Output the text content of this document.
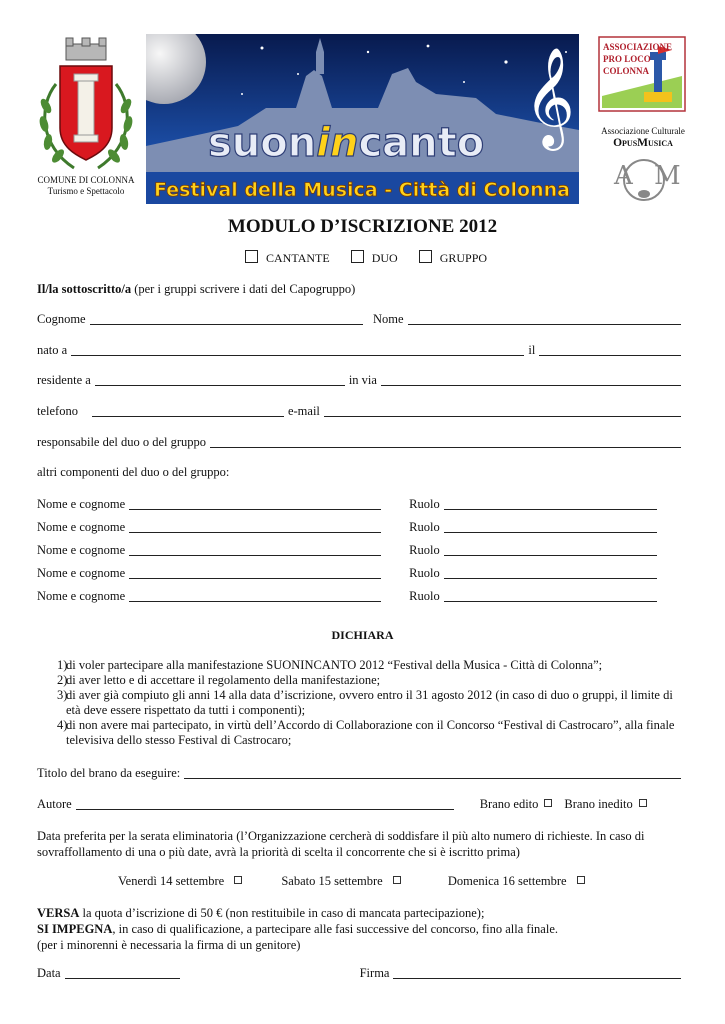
COMUNE DI COLONNA
Turismo e Spettacolo
𝄞
suonincanto
Festival della Musica - Città di Colonna
ASSOCIAZIONE
PRO LOCO
COLONNA
Associazione Culturale
OpusMusica
A M
MODULO D’ISCRIZIONE 2012
CANTANTE	DUO	GRUPPO
Il/la sottoscritto/a (per i gruppi scrivere i dati del Capogruppo)
Cognome	Nome
nato a	il
residente a	in via
telefono	e-mail
responsabile del duo o del gruppo
altri componenti del duo o del gruppo:
Nome e cognome	Ruolo
Nome e cognome	Ruolo
Nome e cognome	Ruolo
Nome e cognome	Ruolo
Nome e cognome	Ruolo
DICHIARA
1)
di voler partecipare alla manifestazione SUONINCANTO 2012 “Festival della Musica - Città di Colonna”;
2)
di aver letto e di accettare il regolamento della manifestazione;
3)
di aver già compiuto gli anni 14 alla data d’iscrizione, ovvero entro il 31 agosto 2012 (in caso di duo o gruppi, il limite di età deve essere rispettato da tutti i componenti);
4)
di non avere mai partecipato, in virtù dell’Accordo di Collaborazione con il Concorso “Festival di Castrocaro”, alla finale televisiva dello stesso Festival di Castrocaro;
Titolo del brano da eseguire:
Autore	Brano edito	Brano inedito
Data preferita per la serata eliminatoria (l’Organizzazione cercherà di soddisfare il più alto numero di richieste. In caso di sovraffollamento di una o più date, avrà la priorità di scelta il concorrente che si è iscritto prima)
Venerdì 14 settembre	Sabato 15 settembre	Domenica 16 settembre
VERSA la quota d’iscrizione di 50 € (non restituibile in caso di mancata partecipazione);
SI IMPEGNA, in caso di qualificazione, a partecipare alle fasi successive del concorso, fino alla finale.
(per i minorenni è necessaria la firma di un genitore)
Data	Firma
